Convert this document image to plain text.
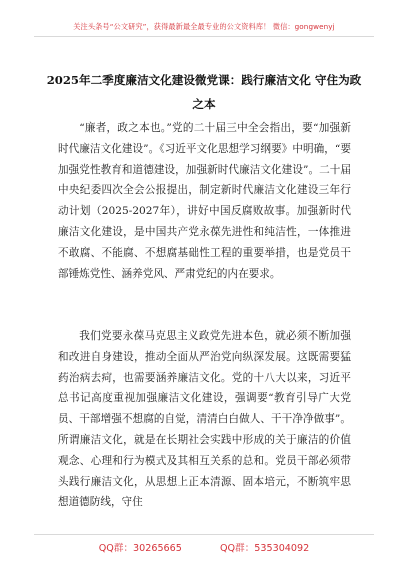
关注头条号“公文研究”，获得最新最全最专业的公文资料库！ 微信：gongwenyj
2025年二季度廉洁文化建设微党课：践行廉洁文化 守住为政之本

“廉者，政之本也。”党的二十届三中全会指出，要“加强新时代廉洁文化建设”。《习近平文化思想学习纲要》中明确，“要加强党性教育和道德建设，加强新时代廉洁文化建设”。二十届中央纪委四次全会公报提出，制定新时代廉洁文化建设三年行动计划（2025-2027年），讲好中国反腐败故事。加强新时代廉洁文化建设，是中国共产党永葆先进性和纯洁性，一体推进不敢腐、不能腐、不想腐基础性工程的重要举措，也是党员干部锤炼党性、涵养党风、严肃党纪的内在要求。

我们党要永葆马克思主义政党先进本色，就必须不断加强和改进自身建设，推动全面从严治党向纵深发展。这既需要猛药治病去疴，也需要涵养廉洁文化。党的十八大以来，习近平总书记高度重视加强廉洁文化建设，强调要“教育引导广大党员、干部增强不想腐的自觉，清清白白做人、干干净净做事”。所谓廉洁文化，就是在长期社会实践中形成的关于廉洁的价值观念、心理和行为模式及其相互关系的总和。党员干部必须带头践行廉洁文化，从思想上正本清源、固本培元，不断筑牢思想道德防线，守住

QQ群：30265665	QQ群：535304092
